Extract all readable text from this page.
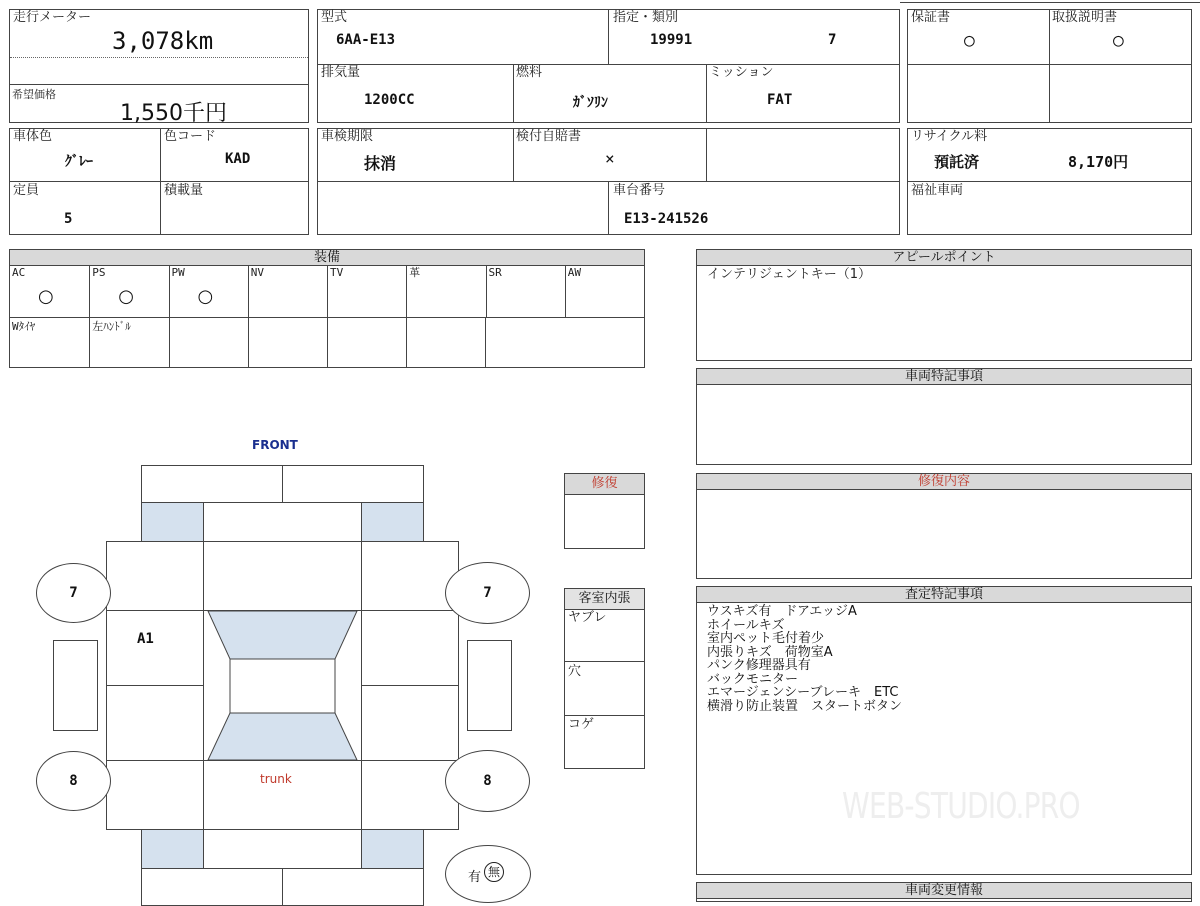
走行メーター
3,078km
希望価格
1,550千円
型式
6AA-E13
指定・類別
19991	7
排気量
1200CC
燃料
ｶﾞｿﾘﾝ
ミッション
FAT
保証書
○
取扱説明書
○
車体色
ｸﾞﾚｰ
色コード
KAD
定員
5
積載量
車検期限
抹消
検付自賠書
×
車台番号
E13-241526
リサイクル料
預託済	8,170円
福祉車両
装備
AC
○
PS
○
PW
○
NV	TV	革	SR	AW
Wﾀｲﾔ	左ﾊﾝﾄﾞﾙ
アピールポイント
インテリジェントキー（1）
車両特記事項
修復内容
査定特記事項
ウスキズ有　ドアエッジA
ホイールキズ
室内ペット毛付着少
内張りキズ　荷物室A
パンク修理器具有
バックモニター
エマージェンシーブレーキ　ETC
横滑り防止装置　スタートボタン
車両変更情報
修復
客室内張
ヤブレ
穴
コゲ
FRONT
A1
trunk
7	7
8	8
有 無
WEB-STUDIO.PRO
